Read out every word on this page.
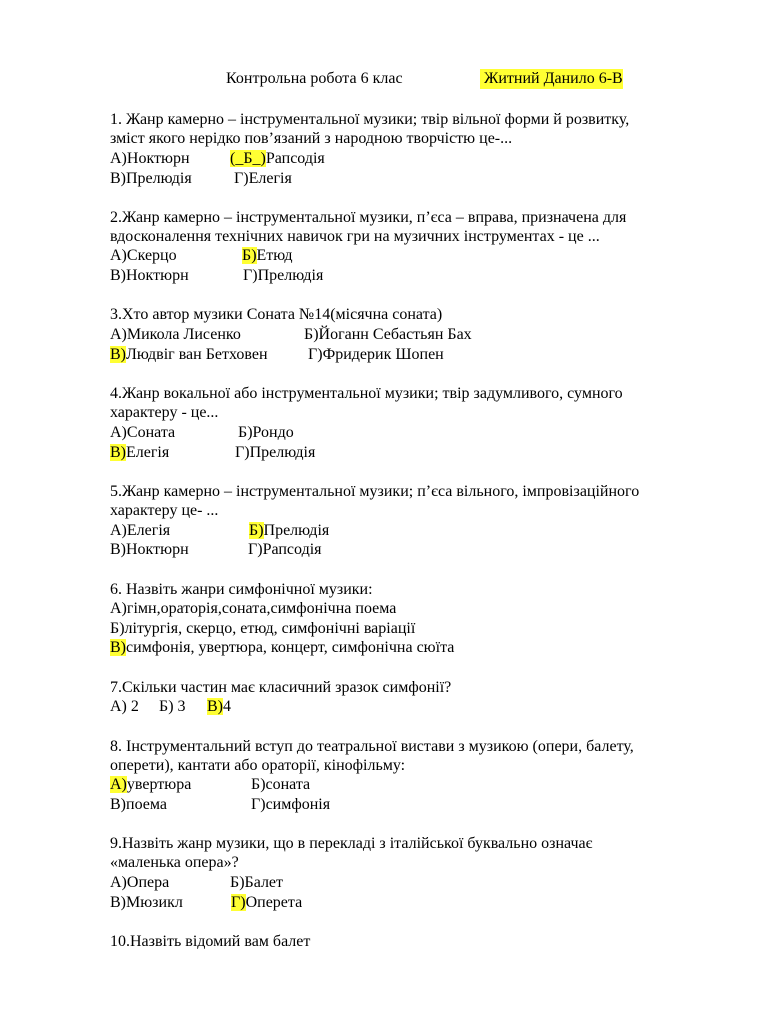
Контрольна робота 6 клас	Житний Данило 6-В
1. Жанр камерно – інструментальної музики; твір вільної форми й розвитку,
зміст якого нерідко пов’язаний з народною творчістю це-...
А)Ноктюрн	(_Б_)Рапсодія
В)Прелюдія	Г)Елегія
2.Жанр камерно – інструментальної музики, п’єса – вправа, призначена для
вдосконалення технічних навичок гри на музичних інструментах - це ...
А)Скерцо	Б)Етюд
В)Ноктюрн	Г)Прелюдія
3.Хто автор музики Соната №14(місячна соната)
А)Микола Лисенко	Б)Йоганн Себастьян Бах
В)Людвіг ван Бетховен	Г)Фридерик Шопен
4.Жанр вокальної або інструментальної музики; твір задумливого, сумного
характеру - це...
А)Соната	Б)Рондо
В)Елегія	Г)Прелюдія
5.Жанр камерно – інструментальної музики; п’єса вільного, імпровізаційного
характеру це- ...
А)Елегія	Б)Прелюдія
В)Ноктюрн	Г)Рапсодія
6. Назвіть жанри симфонічної музики:
А)гімн,ораторія,соната,симфонічна поема
Б)літургія, скерцо, етюд, симфонічні варіації
В)симфонія, увертюра, концерт, симфонічна сюїта
7.Скільки частин має класичний зразок симфонії?
А) 2 Б) 3 В)4
8. Інструментальний вступ до театральної вистави з музикою (опери, балету,
оперети), кантати або ораторії, кінофільму:
А)увертюра	Б)соната
В)поема	Г)симфонія
9.Назвіть жанр музики, що в перекладі з італійської буквально означає
«маленька опера»?
А)Опера	Б)Балет
В)Мюзикл	Г)Оперета
10.Назвіть відомий вам балет
